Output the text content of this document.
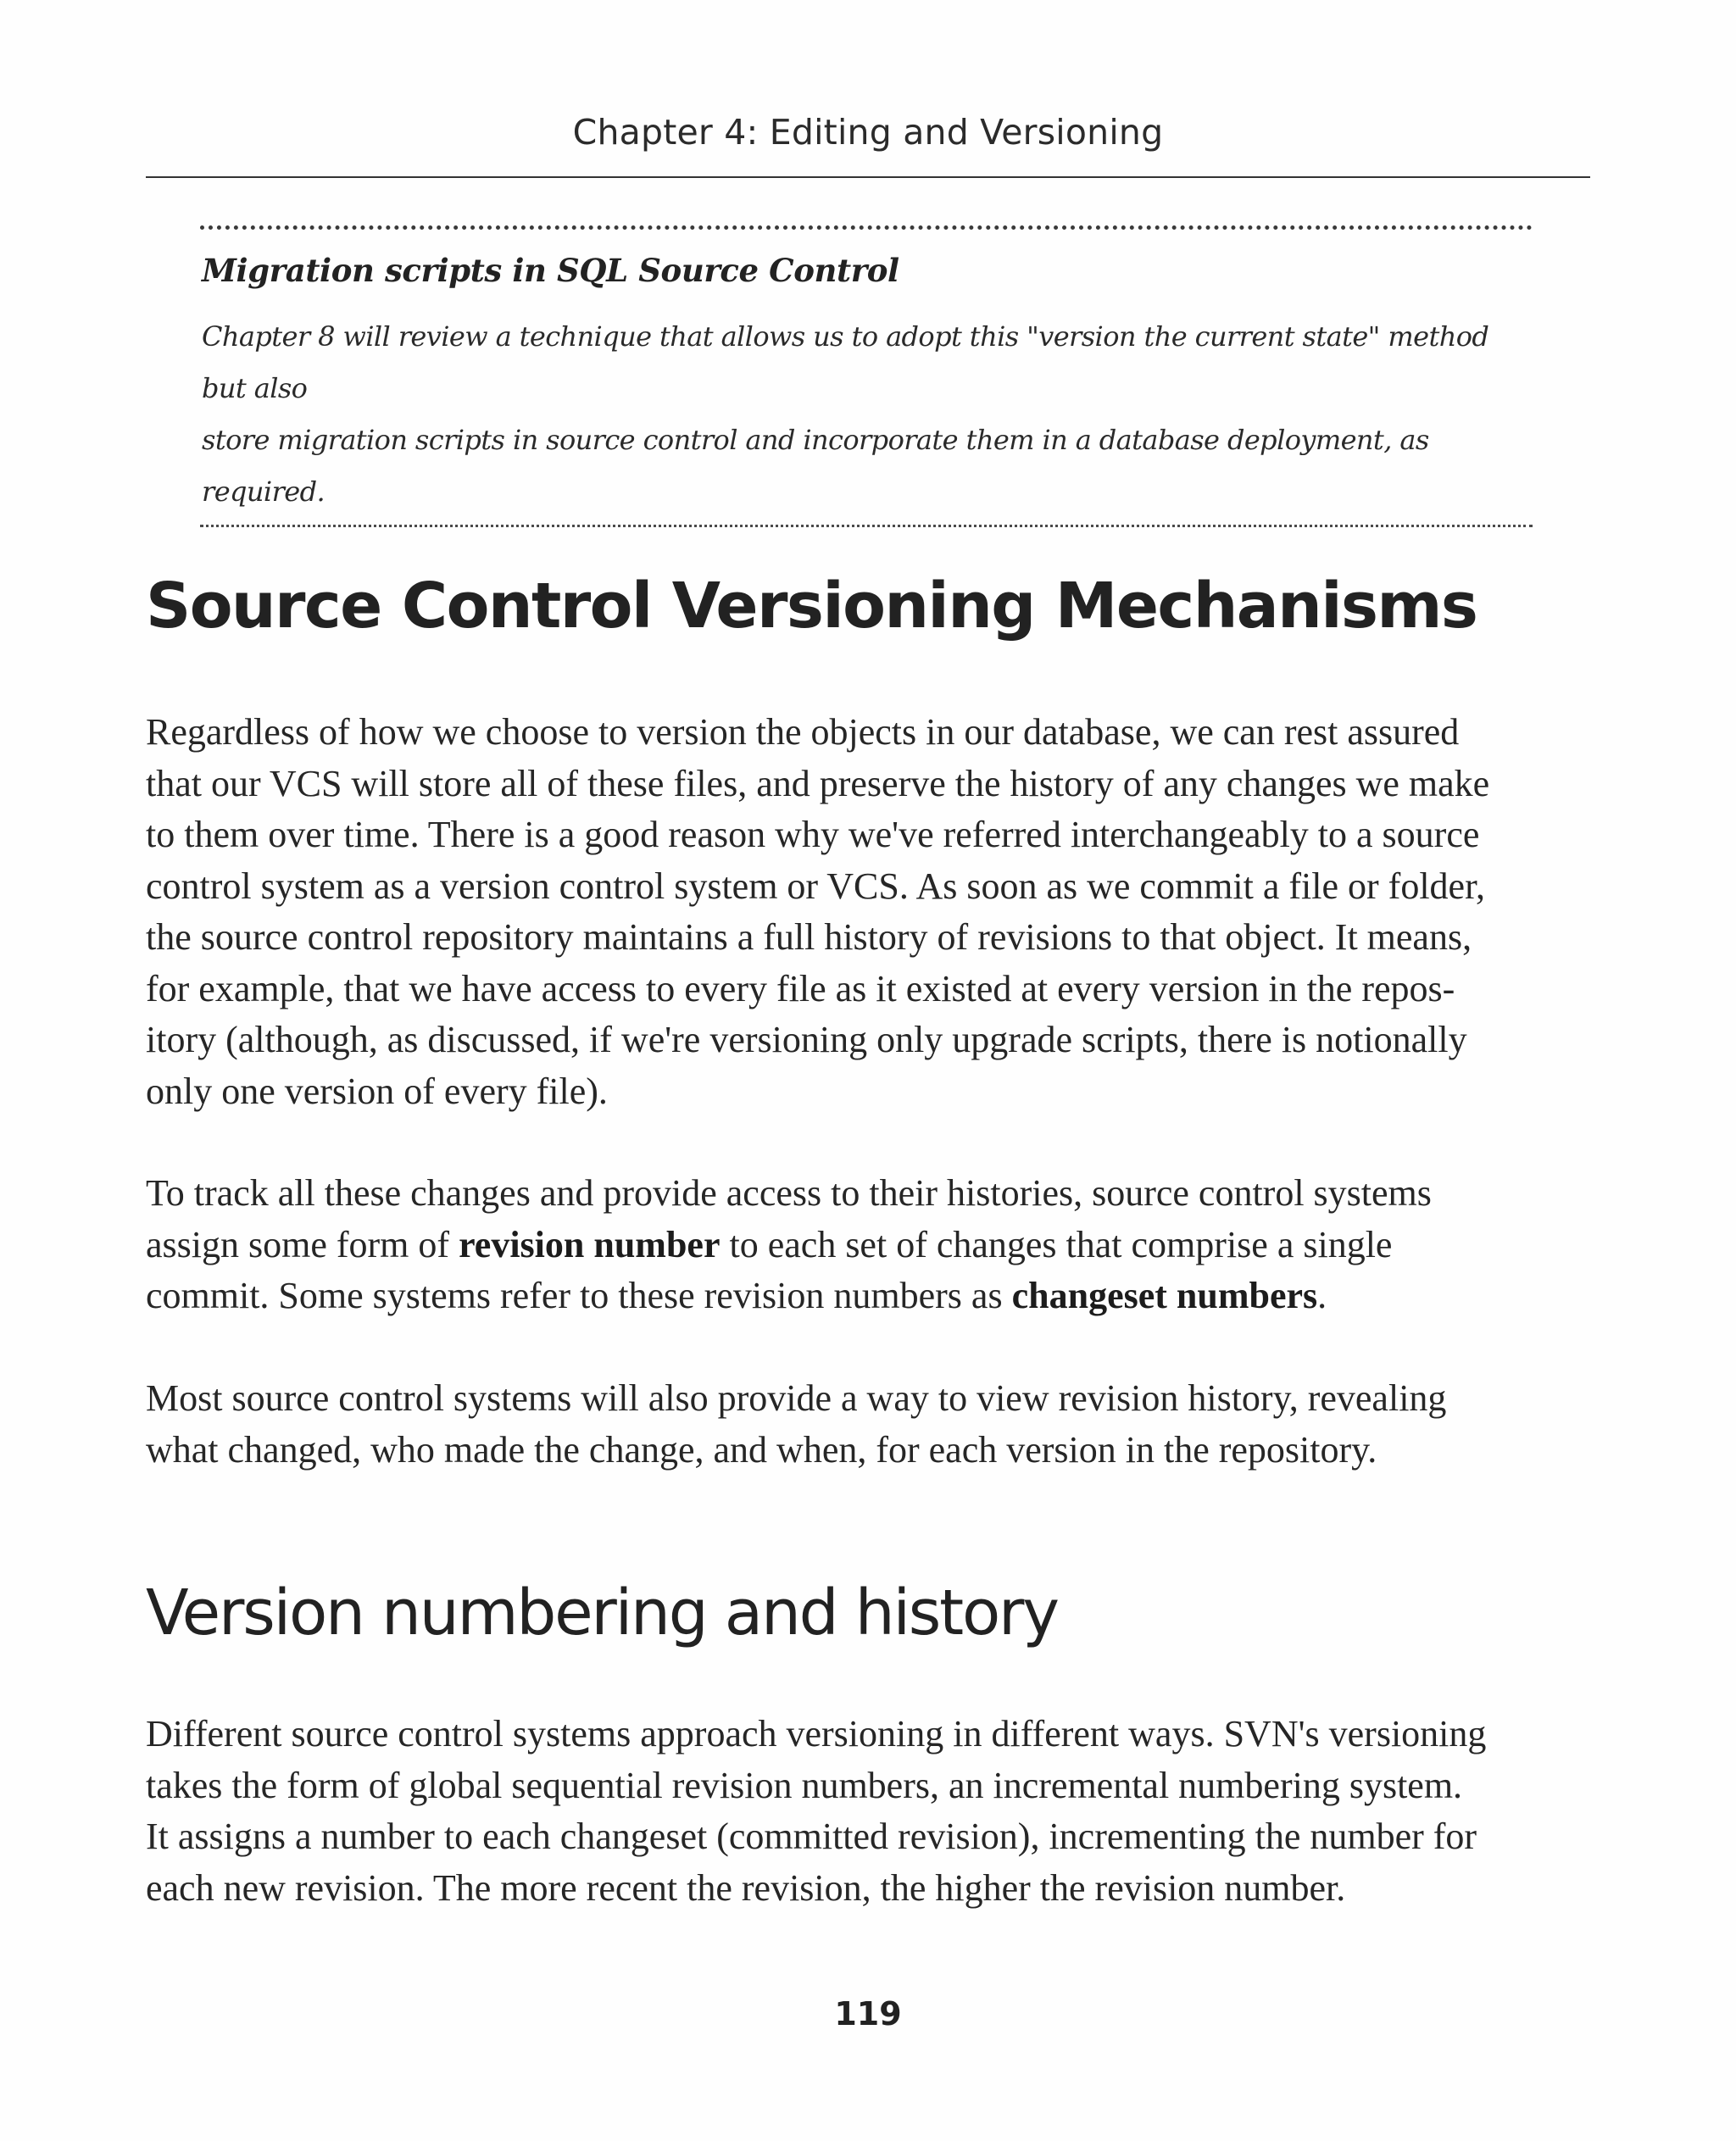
Chapter 4: Editing and Versioning
Migration scripts in SQL Source Control
Chapter 8 will review a technique that allows us to adopt this "version the current state" method but also
store migration scripts in source control and incorporate them in a database deployment, as required.
Source Control Versioning Mechanisms

Regardless of how we choose to version the objects in our database, we can rest assured
that our VCS will store all of these files, and preserve the history of any changes we make
to them over time. There is a good reason why we've referred interchangeably to a source
control system as a version control system or VCS. As soon as we commit a file or folder,
the source control repository maintains a full history of revisions to that object. It means,
for example, that we have access to every file as it existed at every version in the repos-
itory (although, as discussed, if we're versioning only upgrade scripts, there is notionally
only one version of every file).

To track all these changes and provide access to their histories, source control systems
assign some form of revision number to each set of changes that comprise a single
commit. Some systems refer to these revision numbers as changeset numbers.

Most source control systems will also provide a way to view revision history, revealing
what changed, who made the change, and when, for each version in the repository.

Version numbering and history

Different source control systems approach versioning in different ways. SVN's versioning
takes the form of global sequential revision numbers, an incremental numbering system.
It assigns a number to each changeset (committed revision), incrementing the number for
each new revision. The more recent the revision, the higher the revision number.

119
